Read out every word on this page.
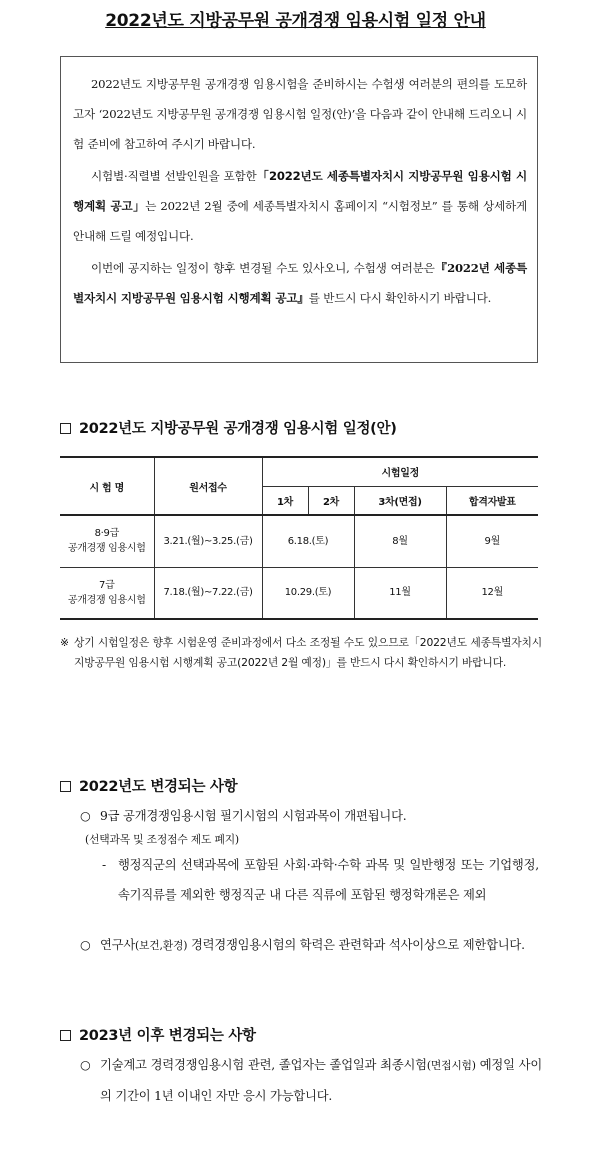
2022년도 지방공무원 공개경쟁 임용시험 일정 안내

2022년도 지방공무원 공개경쟁 임용시험을 준비하시는 수험생 여러분의 편의를 도모하고자 ‘2022년도 지방공무원 공개경쟁 임용시험 일정(안)’을 다음과 같이 안내해 드리오니 시험 준비에 참고하여 주시기 바랍니다.

시험별·직렬별 선발인원을 포함한「2022년도 세종특별자치시 지방공무원 임용시험 시행계획 공고」는 2022년 2월 중에 세종특별자치시 홈페이지 “시험정보” 를 통해 상세하게 안내해 드릴 예정입니다.

이번에 공지하는 일정이 향후 변경될 수도 있사오니, 수험생 여러분은『2022년 세종특별자치시 지방공무원 임용시험 시행계획 공고』를 반드시 다시 확인하시기 바랍니다.

2022년도 지방공무원 공개경쟁 임용시험 일정(안)
시 험 명	원서접수	시험일정			
		1차	2차	3차(면접)	합격자발표
8·9급
공개경쟁 임용시험	3.21.(월)~3.25.(금)	6.18.(토)		8월	9월
7급
공개경쟁 임용시험	7.18.(월)~7.22.(금)	10.29.(토)		11월	12월
※ 상기 시험일정은 향후 시험운영 준비과정에서 다소 조정될 수도 있으므로「2022년도 세종특별자치시 지방공무원 임용시험 시행계획 공고(2022년 2월 예정)」를 반드시 다시 확인하시기 바랍니다.
2022년도 변경되는 사항
○ 9급 공개경쟁임용시험 필기시험의 시험과목이 개편됩니다.
(선택과목 및 조정점수 제도 폐지)
- 행정직군의 선택과목에 포함된 사회·과학·수학 과목 및 일반행정 또는 기업행정, 속기직류를 제외한 행정직군 내 다른 직류에 포함된 행정학개론은 제외
○ 연구사(보건,환경) 경력경쟁임용시험의 학력은 관련학과 석사이상으로 제한합니다.
2023년 이후 변경되는 사항
○ 기술계고 경력경쟁임용시험 관련, 졸업자는 졸업일과 최종시험(면접시험) 예정일 사이의 기간이 1년 이내인 자만 응시 가능합니다.
